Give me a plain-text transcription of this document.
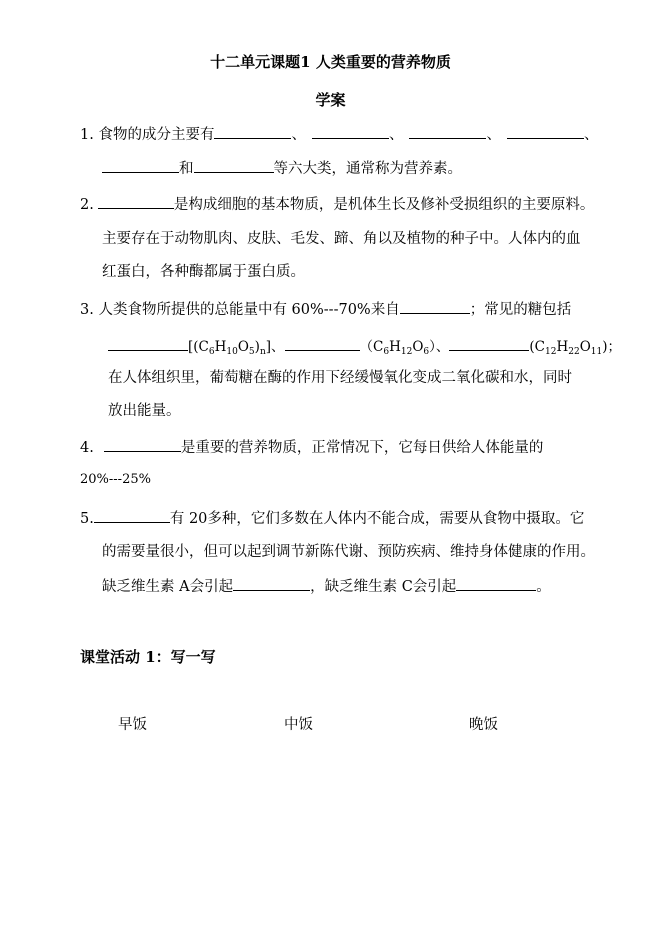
十二单元课题1 人类重要的营养物质
学案
1. 食物的成分主要有	、	、	、	、
和	等六大类，通常称为营养素。
2.	是构成细胞的基本物质，是机体生长及修补受损组织的主要原料。
主要存在于动物肌肉、皮肤、毛发、蹄、角以及植物的种子中。人体内的血
红蛋白，各种酶都属于蛋白质。
3. 人类食物所提供的总能量中有 60%---70%来自	；常见的糖包括
$[(C_6H_{10}O_5)_n]$、	$(C_6H_{12}O_6)$、	$(C_{12}H_{22}O_{11})$；
在人体组织里，葡萄糖在酶的作用下经缓慢氧化变成二氧化碳和水，同时
放出能量。
4.	是重要的营养物质，正常情况下，它每日供给人体能量的
20%---25%
5.	有 20多种，它们多数在人体内不能合成，需要从食物中摄取。它
的需要量很小，但可以起到调节新陈代谢、预防疾病、维持身体健康的作用。
缺乏维生素 A会引起	，缺乏维生素 C会引起	。
课堂活动 1：写一写
早饭	中饭	晚饭
